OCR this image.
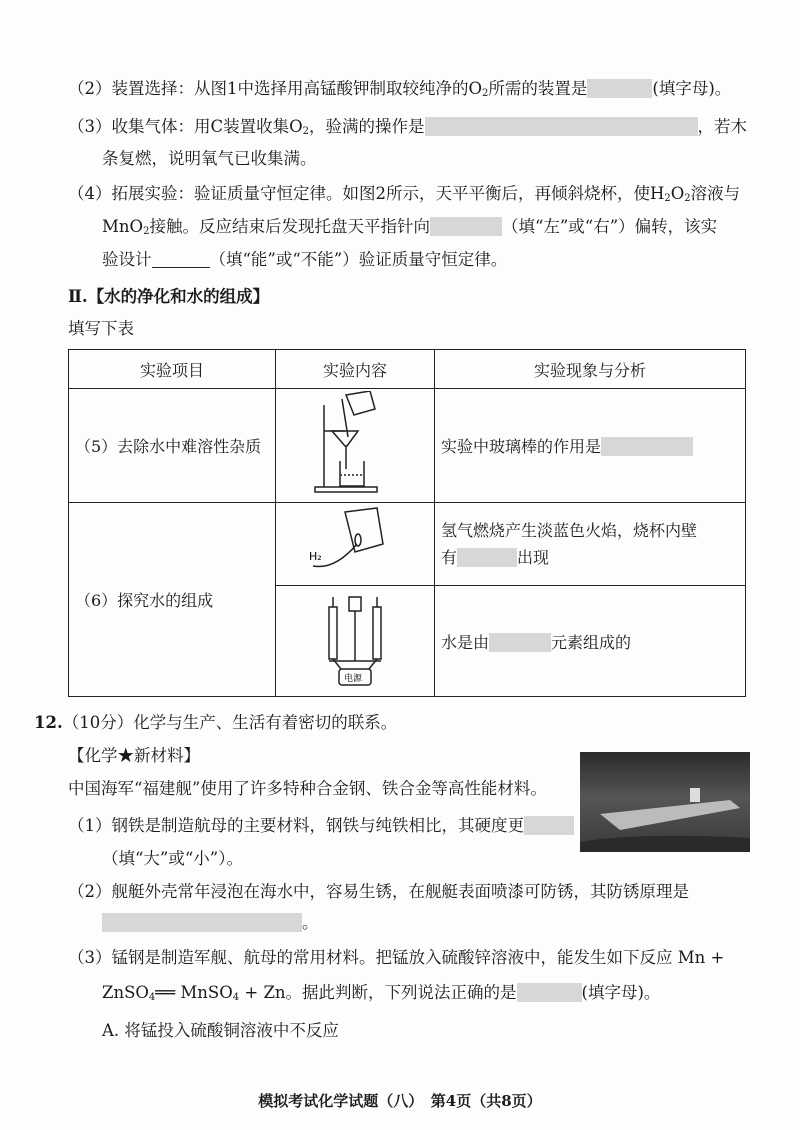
（2）装置选择：从图1中选择用高锰酸钾制取较纯净的$O_2$所需的装置是	(填字母)。
（3）收集气体：用C装置收集$O_2$，验满的操作是	，若木
条复燃，说明氧气已收集满。
（4）拓展实验：验证质量守恒定律。如图2所示，天平平衡后，再倾斜烧杯，使$H_2O_2$溶液与
MnO$_2$接触。反应结束后发现托盘天平指针向	（填“左”或“右”）偏转，该实
验设计	（填“能”或“不能”）验证质量守恒定律。
Ⅱ.【水的净化和水的组成】
填写下表
实验项目	实验内容	实验现象与分析
（5）去除水中难溶性杂质		实验中玻璃棒的作用是
（6）探究水的组成	H₂	氢气燃烧产生淡蓝色火焰，烧杯内壁
有 出现

电源	水是由 元素组成的
12.（10分）化学与生产、生活有着密切的联系。
【化学★新材料】
中国海军“福建舰”使用了许多特种合金钢、铁合金等高性能材料。
（1）钢铁是制造航母的主要材料，钢铁与纯铁相比，其硬度更
（填“大”或“小”）。
（2）舰艇外壳常年浸泡在海水中，容易生锈，在舰艇表面喷漆可防锈，其防锈原理是
。
（3）锰钢是制造军舰、航母的常用材料。把锰放入硫酸锌溶液中，能发生如下反应 Mn +
ZnSO$_4$══ MnSO$_4$ + Zn。据此判断，下列说法正确的是	(填字母)。
A. 将锰投入硫酸铜溶液中不反应
模拟考试化学试题（八）　第4页（共8页）
